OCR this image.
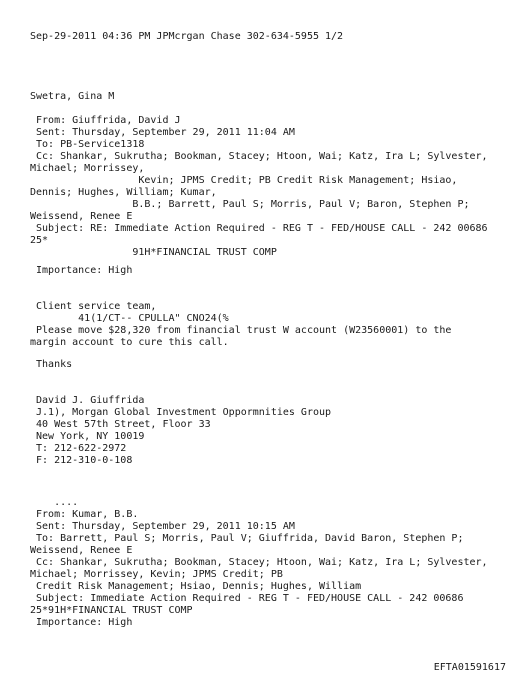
Sep-29-2011 04:36 PM JPMcrgan Chase 302-634-5955 1/2
Swetra, Gina M
From: Giuffrida, David J
Sent: Thursday, September 29, 2011 11:04 AM
To: PB-Service1318
Cc: Shankar, Sukrutha; Bookman, Stacey; Htoon, Wai; Katz, Ira L; Sylvester,
Michael; Morrissey,
Kevin; JPMS Credit; PB Credit Risk Management; Hsiao,
Dennis; Hughes, William; Kumar,
B.B.; Barrett, Paul S; Morris, Paul V; Baron, Stephen P;
Weissend, Renee E
Subject: RE: Immediate Action Required - REG T - FED/HOUSE CALL - 242 00686
25*
91H*FINANCIAL TRUST COMP
Importance: High
Client service team,
41(1/CT-- CPULLA" CNO24(%
Please move $28,320 from financial trust W account (W23560001) to the
margin account to cure this call.
Thanks
David J. Giuffrida
J.1), Morgan Global Investment Oppormnities Group
40 West 57th Street, Floor 33
New York, NY 10019
T: 212-622-2972
F: 212-310-0-108
....
From: Kumar, B.B.
Sent: Thursday, September 29, 2011 10:15 AM
To: Barrett, Paul S; Morris, Paul V; Giuffrida, David Baron, Stephen P;
Weissend, Renee E
Cc: Shankar, Sukrutha; Bookman, Stacey; Htoon, Wai; Katz, Ira L; Sylvester,
Michael; Morrissey, Kevin; JPMS Credit; PB
Credit Risk Management; Hsiao, Dennis; Hughes, William
Subject: Immediate Action Required - REG T - FED/HOUSE CALL - 242 00686
25*91H*FINANCIAL TRUST COMP
Importance: High
EFTA01591617
